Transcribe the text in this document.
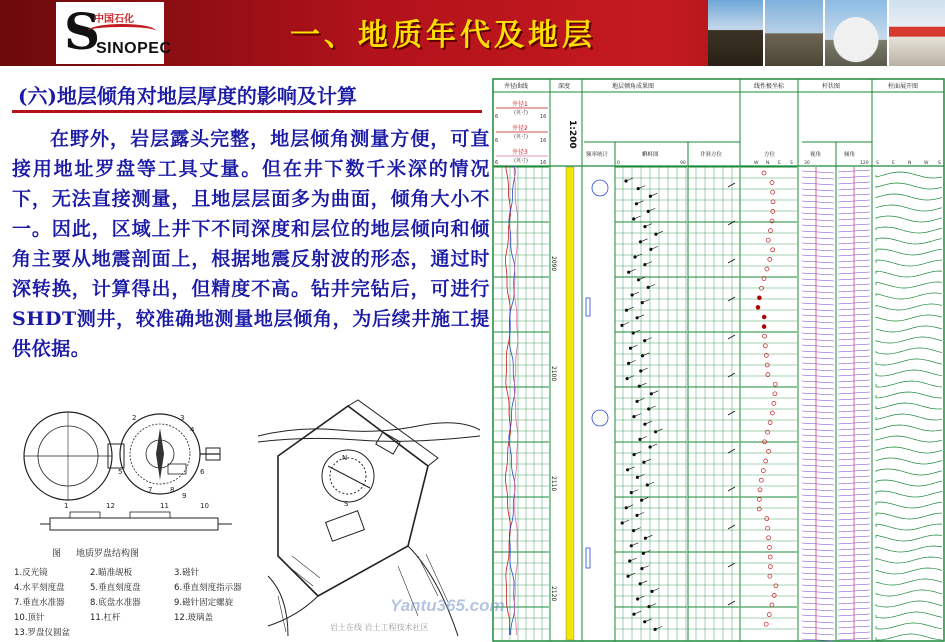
S
中国石化
SINOPEC	一、地质年代及地层
(六)地层倾角对地层厚度的影响及计算
在野外，岩层露头完整，地层倾角测量方便，可直接用地址罗盘等工具丈量。但在井下数千米深的情况下，无法直接测量，且地层层面多为曲面，倾角大小不一。因此，区域上井下不同深度和层位的地层倾向和倾角主要从地震剖面上，根据地震反射波的形态，通过时深转换，计算得出，但精度不高。钻井完钻后，可进行SHDT测井，较准确地测量地层倾角，为后续井施工提供依据。
2	3
4
5	6
7	8
9
1	12	11	10
图 地质罗盘结构图
1.反光镜	2.瞄准觇板	3.磁针
4.水平刻度盘	5.垂直刻度盘	6.垂直刻度指示器
7.垂直水准器	8.底盘水准器	9.磁针固定螺旋
10.顶针	11.杠杆	12.玻璃盖
13.罗盘仪圆盆
N
S
井径曲线	深度	地层倾角成果图	线性极坐标	杆状图	柱面展开图
井径1
井径2
井径3
(英寸)
(英寸)
(英寸)
6	16
6	16
6	16
1:200
频率统计	蝌蚪图	井斜方位	方位	视角	倾角
0	90	W N E S 30	120 S	E	N	W S
2090
2100
2110
2120
Yantu365.com
岩土在线 岩土工程技术社区
